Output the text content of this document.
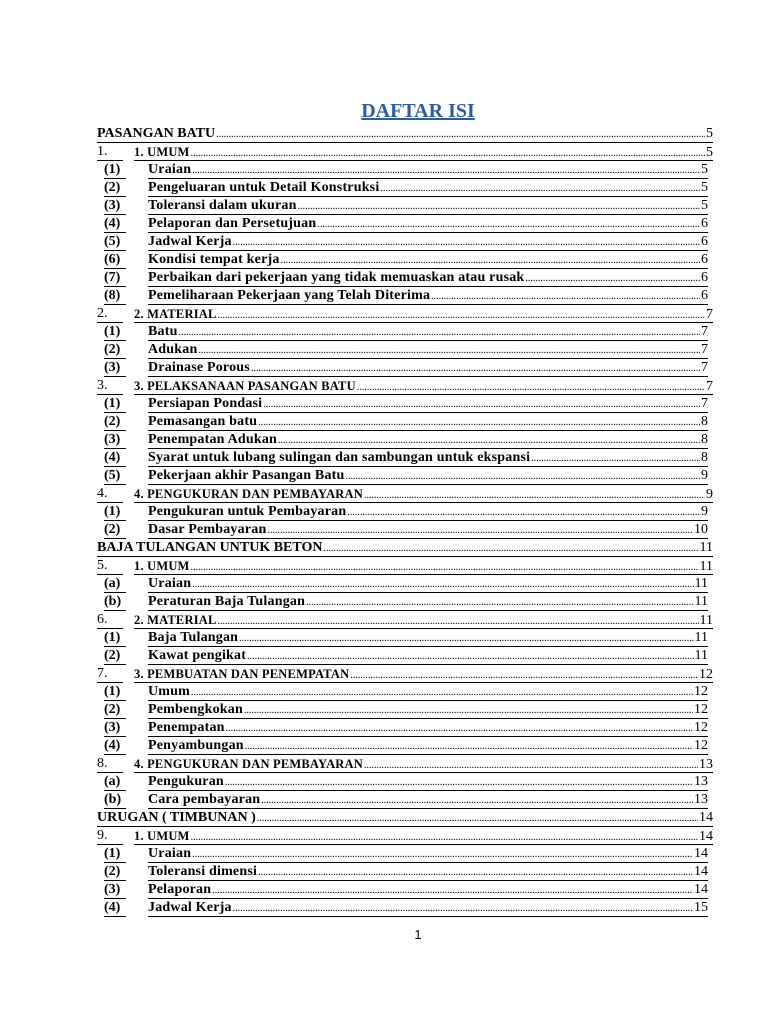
DAFTAR ISI
PASANGAN BATU .....	5
1.	1. UMUM .....	5
(1)	Uraian .....	5
(2)	Pengeluaran untuk Detail Konstruksi .....	5
(3)	Toleransi dalam ukuran .....	5
(4)	Pelaporan dan Persetujuan .....	6
(5)	Jadwal Kerja .....	6
(6)	Kondisi tempat kerja .....	6
(7)	Perbaikan dari pekerjaan yang tidak memuaskan atau rusak .....	6
(8)	Pemeliharaan Pekerjaan yang Telah Diterima .....	6
2.	2. MATERIAL .....	7
(1)	Batu .....	7
(2)	Adukan .....	7
(3)	Drainase Porous .....	7
3.	3. PELAKSANAAN PASANGAN BATU .....	7
(1)	Persiapan Pondasi .....	7
(2)	Pemasangan batu .....	8
(3)	Penempatan Adukan .....	8
(4)	Syarat untuk lubang sulingan dan sambungan untuk ekspansi .....	8
(5)	Pekerjaan akhir Pasangan Batu .....	9
4.	4. PENGUKURAN DAN PEMBAYARAN .....	9
(1)	Pengukuran untuk Pembayaran .....	9
(2)	Dasar Pembayaran .....	10
BAJA TULANGAN UNTUK BETON .....	11
5.	1. UMUM .....	11
(a)	Uraian .....	11
(b)	Peraturan Baja Tulangan .....	11
6.	2. MATERIAL .....	11
(1)	Baja Tulangan .....	11
(2)	Kawat pengikat .....	11
7.	3. PEMBUATAN DAN PENEMPATAN .....	12
(1)	Umum .....	12
(2)	Pembengkokan .....	12
(3)	Penempatan .....	12
(4)	Penyambungan .....	12
8.	4. PENGUKURAN DAN PEMBAYARAN .....	13
(a)	Pengukuran .....	13
(b)	Cara pembayaran .....	13
URUGAN ( TIMBUNAN ) .....	14
9.	1. UMUM .....	14
(1)	Uraian .....	14
(2)	Toleransi dimensi .....	14
(3)	Pelaporan .....	14
(4)	Jadwal Kerja .....	15
1
